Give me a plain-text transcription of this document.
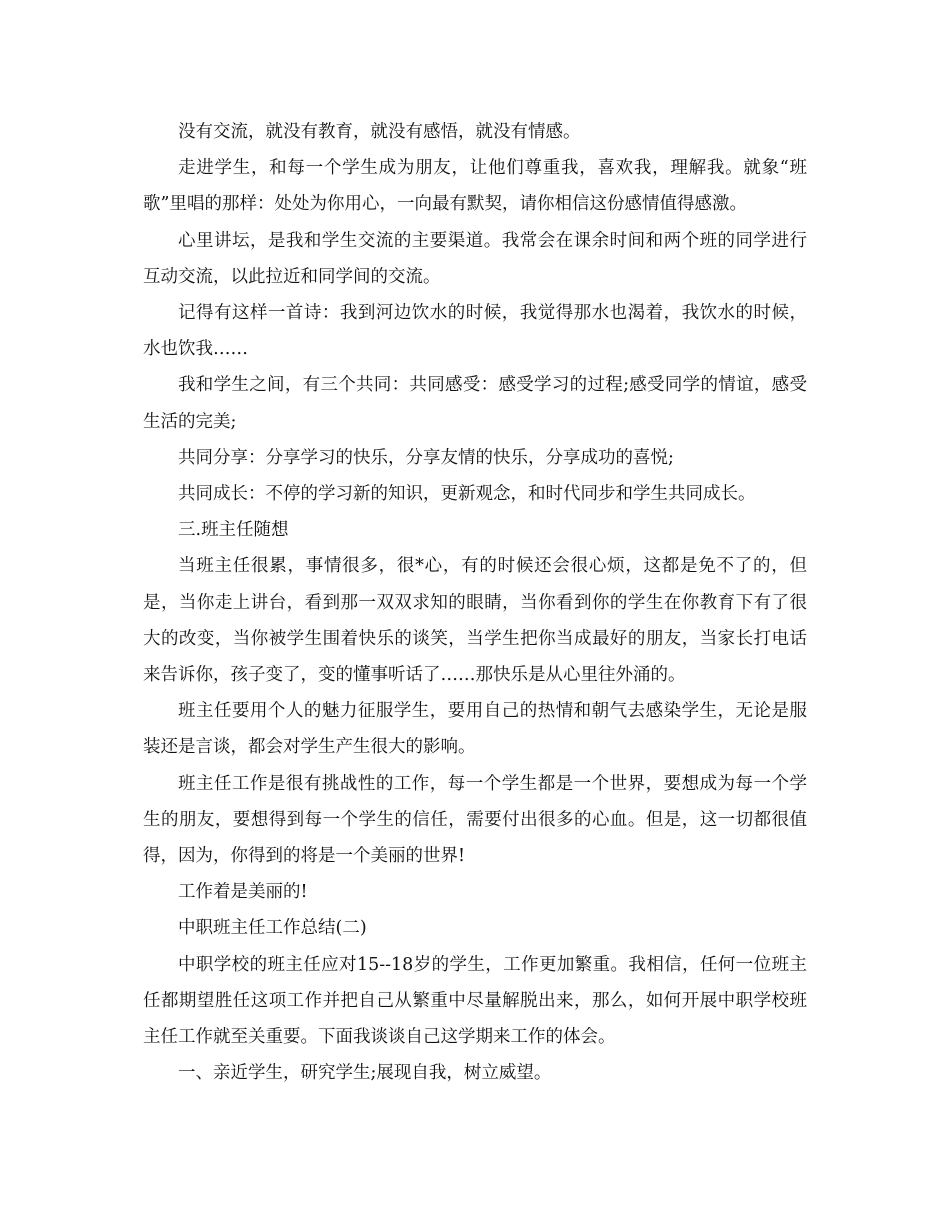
没有交流，就没有教育，就没有感悟，就没有情感。

走进学生，和每一个学生成为朋友，让他们尊重我，喜欢我，理解我。就象“班歌”里唱的那样：处处为你用心，一向最有默契，请你相信这份感情值得感激。

心里讲坛，是我和学生交流的主要渠道。我常会在课余时间和两个班的同学进行互动交流，以此拉近和同学间的交流。

记得有这样一首诗：我到河边饮水的时候，我觉得那水也渴着，我饮水的时候，水也饮我……

我和学生之间，有三个共同：共同感受：感受学习的过程;感受同学的情谊，感受生活的完美;

共同分享：分享学习的快乐，分享友情的快乐，分享成功的喜悦;

共同成长：不停的学习新的知识，更新观念，和时代同步和学生共同成长。

三.班主任随想

当班主任很累，事情很多，很*心，有的时候还会很心烦，这都是免不了的，但是，当你走上讲台，看到那一双双求知的眼睛，当你看到你的学生在你教育下有了很大的改变，当你被学生围着快乐的谈笑，当学生把你当成最好的朋友，当家长打电话来告诉你，孩子变了，变的懂事听话了……那快乐是从心里往外涌的。

班主任要用个人的魅力征服学生，要用自己的热情和朝气去感染学生，无论是服装还是言谈，都会对学生产生很大的影响。

班主任工作是很有挑战性的工作，每一个学生都是一个世界，要想成为每一个学生的朋友，要想得到每一个学生的信任，需要付出很多的心血。但是，这一切都很值得，因为，你得到的将是一个美丽的世界!

工作着是美丽的!

中职班主任工作总结(二)

中职学校的班主任应对15--18岁的学生，工作更加繁重。我相信，任何一位班主任都期望胜任这项工作并把自己从繁重中尽量解脱出来，那么，如何开展中职学校班主任工作就至关重要。下面我谈谈自己这学期来工作的体会。

一、亲近学生，研究学生;展现自我，树立威望。
